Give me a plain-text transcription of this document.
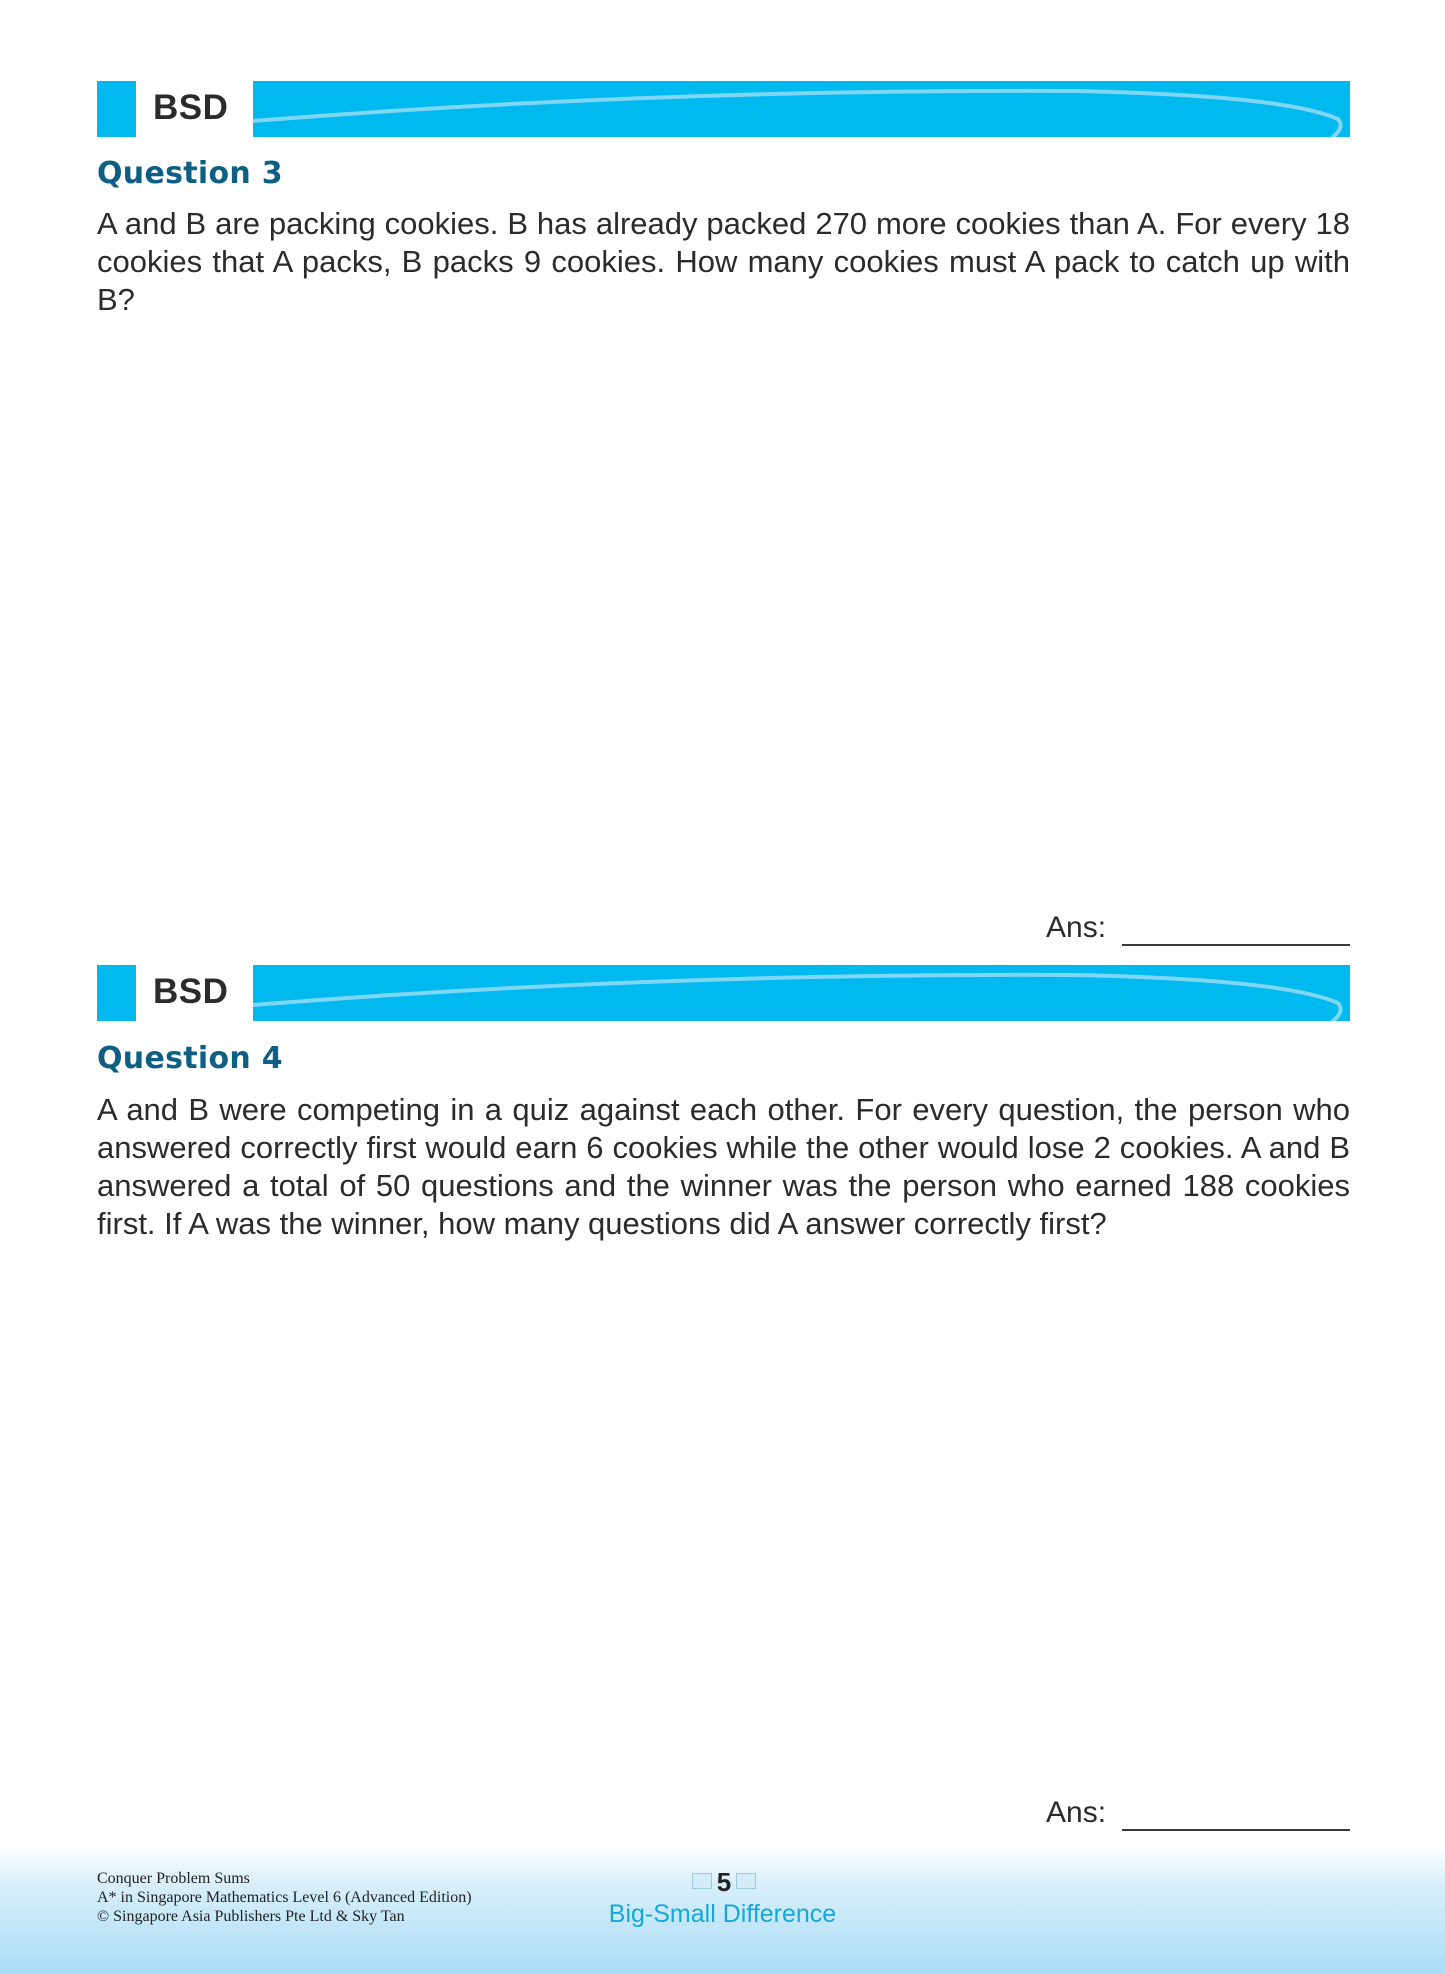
BSD
Question 3
A and B are packing cookies. B has already packed 270 more cookies than A. For every 18 cookies that A packs, B packs 9 cookies. How many cookies must A pack to catch up with B?
Ans:
BSD
Question 4
A and B were competing in a quiz against each other. For every question, the person who answered correctly first would earn 6 cookies while the other would lose 2 cookies. A and B answered a total of 50 questions and the winner was the person who earned 188 cookies first. If A was the winner, how many questions did A answer correctly first?
Ans:
Conquer Problem Sums
A* in Singapore Mathematics Level 6 (Advanced Edition)
© Singapore Asia Publishers Pte Ltd & Sky Tan
5
Big-Small Difference
